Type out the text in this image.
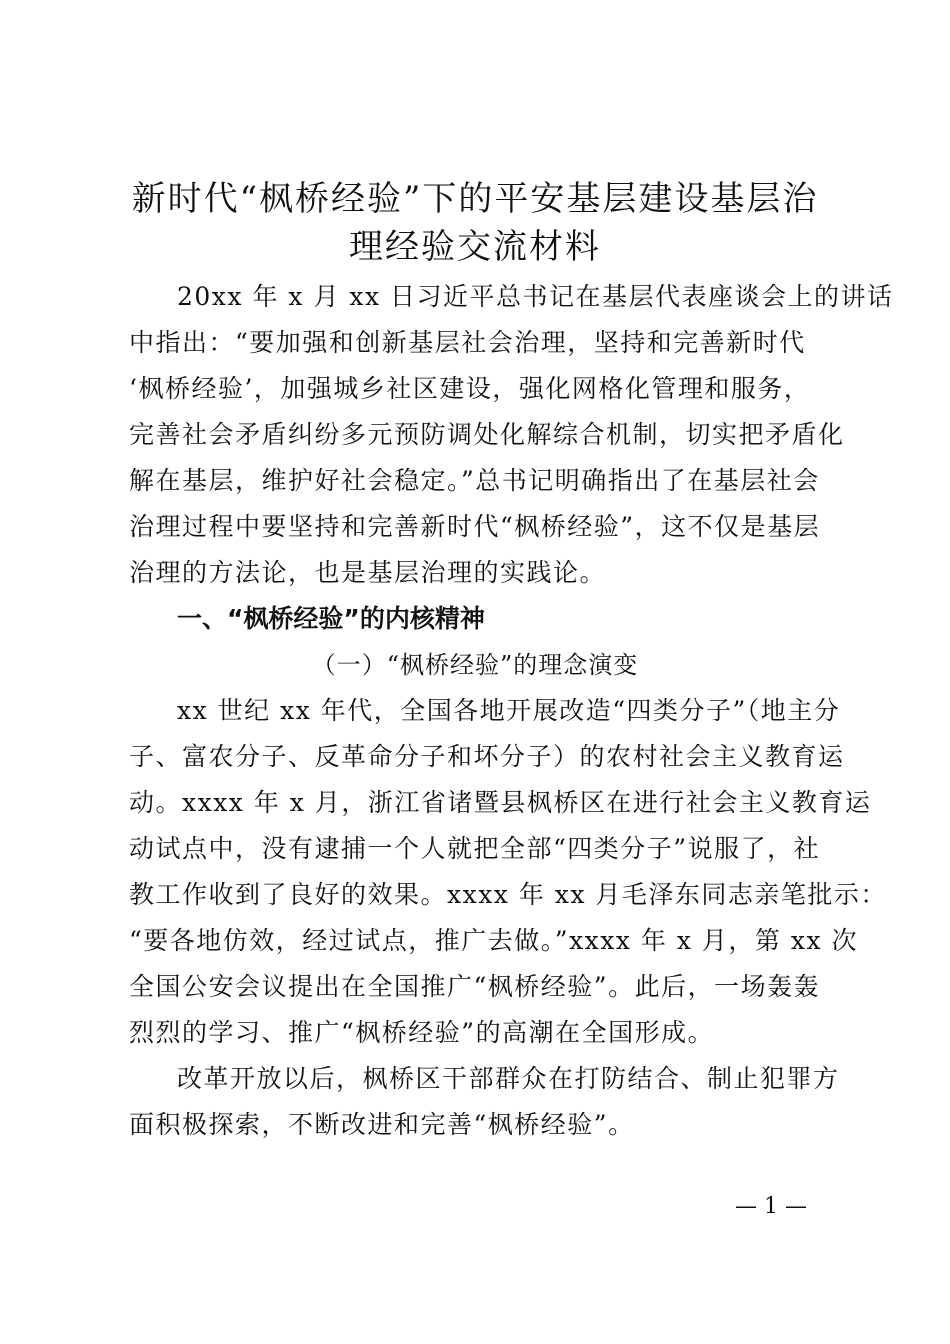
新时代“枫桥经验”下的平安基层建设基层治
理经验交流材料

20xx 年 x 月 xx 日习近平总书记在基层代表座谈会上的讲话

中指出：“要加强和创新基层社会治理，坚持和完善新时代

‘枫桥经验’，加强城乡社区建设，强化网格化管理和服务，

完善社会矛盾纠纷多元预防调处化解综合机制，切实把矛盾化

解在基层，维护好社会稳定。”总书记明确指出了在基层社会

治理过程中要坚持和完善新时代“枫桥经验”，这不仅是基层

治理的方法论，也是基层治理的实践论。

一、“枫桥经验”的内核精神

（一）“枫桥经验”的理念演变

xx 世纪 xx 年代，全国各地开展改造“四类分子”（地主分

子、富农分子、反革命分子和坏分子）的农村社会主义教育运

动。xxxx 年 x 月，浙江省诸暨县枫桥区在进行社会主义教育运

动试点中，没有逮捕一个人就把全部“四类分子”说服了，社

教工作收到了良好的效果。xxxx 年 xx 月毛泽东同志亲笔批示：

“要各地仿效，经过试点，推广去做。”xxxx 年 x 月，第 xx 次

全国公安会议提出在全国推广“枫桥经验”。此后，一场轰轰

烈烈的学习、推广“枫桥经验”的高潮在全国形成。

改革开放以后，枫桥区干部群众在打防结合、制止犯罪方

面积极探索，不断改进和完善“枫桥经验”。

— 1 —
